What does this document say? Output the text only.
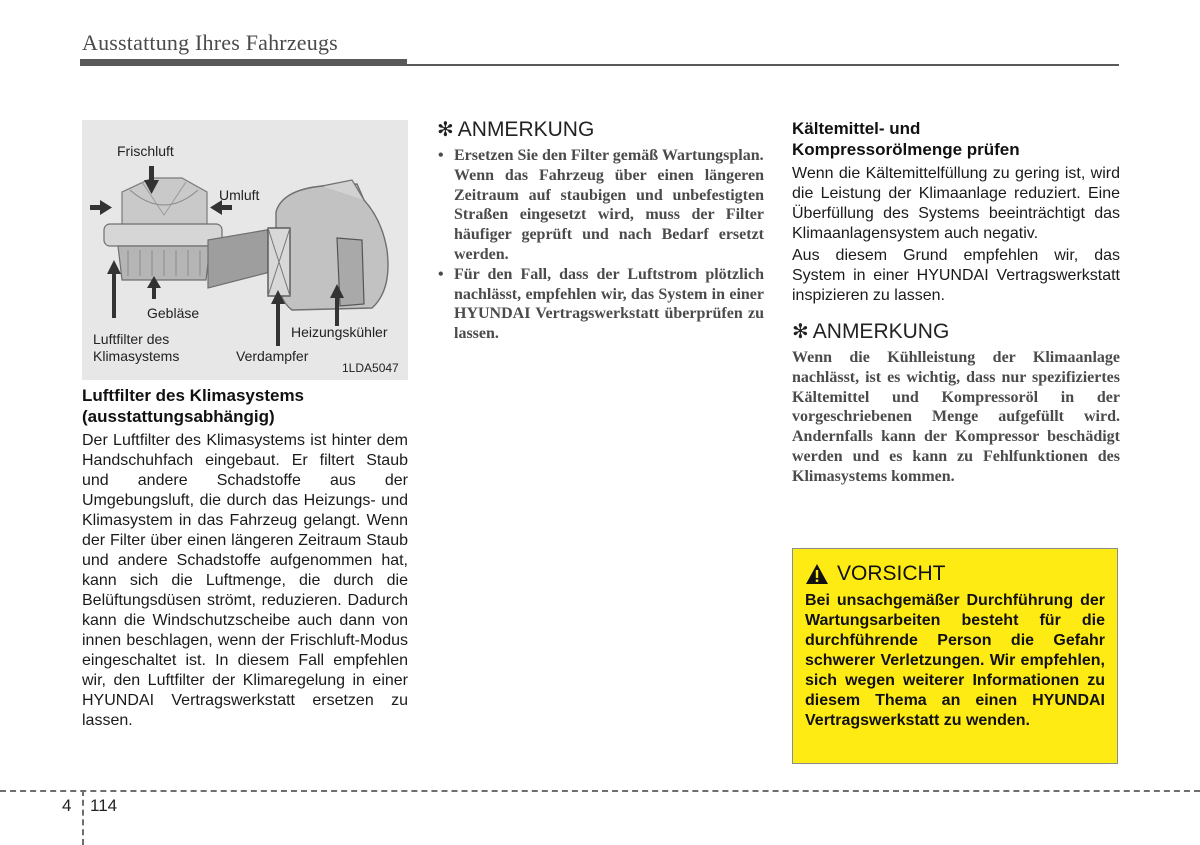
Ausstattung Ihres Fahrzeugs
Frischluft
Umluft
Gebläse
Luftfilter des
Klimasystems
Heizungskühler
Verdampfer
1LDA5047
Luftfilter des Klimasystems
(ausstattungsabhängig)
Der Luftfilter des Klimasystems ist hinter dem Handschuhfach eingebaut. Er filtert Staub und andere Schadstoffe aus der Umgebungsluft, die durch das Heizungs- und Klimasystem in das Fahrzeug gelangt. Wenn der Filter über einen längeren Zeitraum Staub und andere Schadstoffe aufgenommen hat, kann sich die Luftmenge, die durch die Belüftungsdüsen strömt, reduzieren. Dadurch kann die Windschutzscheibe auch dann von innen beschlagen, wenn der Frischluft-Modus eingeschaltet ist. In diesem Fall empfehlen wir, den Luftfilter der Klimaregelung in einer HYUNDAI Vertragswerkstatt ersetzen zu lassen.
✻ ANMERKUNG
• Ersetzen Sie den Filter gemäß Wartungsplan.
Wenn das Fahrzeug über einen längeren Zeitraum auf staubigen und unbefestigten Straßen eingesetzt wird, muss der Filter häufiger geprüft und nach Bedarf ersetzt werden.
• Für den Fall, dass der Luftstrom plötzlich nachlässt, empfehlen wir, das System in einer HYUNDAI Vertragswerkstatt überprüfen zu lassen.
Kältemittel- und
Kompressorölmenge prüfen
Wenn die Kältemittelfüllung zu gering ist, wird die Leistung der Klimaanlage reduziert. Eine Überfüllung des Systems beeinträchtigt das Klimaanlagensystem auch negativ.
Aus diesem Grund empfehlen wir, das System in einer HYUNDAI Vertragswerkstatt inspizieren zu lassen.
✻ ANMERKUNG
Wenn die Kühlleistung der Klimaanlage nachlässt, ist es wichtig, dass nur spezifiziertes Kältemittel und Kompressoröl in der vorgeschriebenen Menge aufgefüllt wird. Andernfalls kann der Kompressor beschädigt werden und es kann zu Fehlfunktionen des Klimasystems kommen.
VORSICHT
Bei unsachgemäßer Durchführung der Wartungsarbeiten besteht für die durchführende Person die Gefahr schwerer Verletzungen. Wir empfehlen, sich wegen weiterer Informationen zu diesem Thema an einen HYUNDAI Vertragswerkstatt zu wenden.
4 114
